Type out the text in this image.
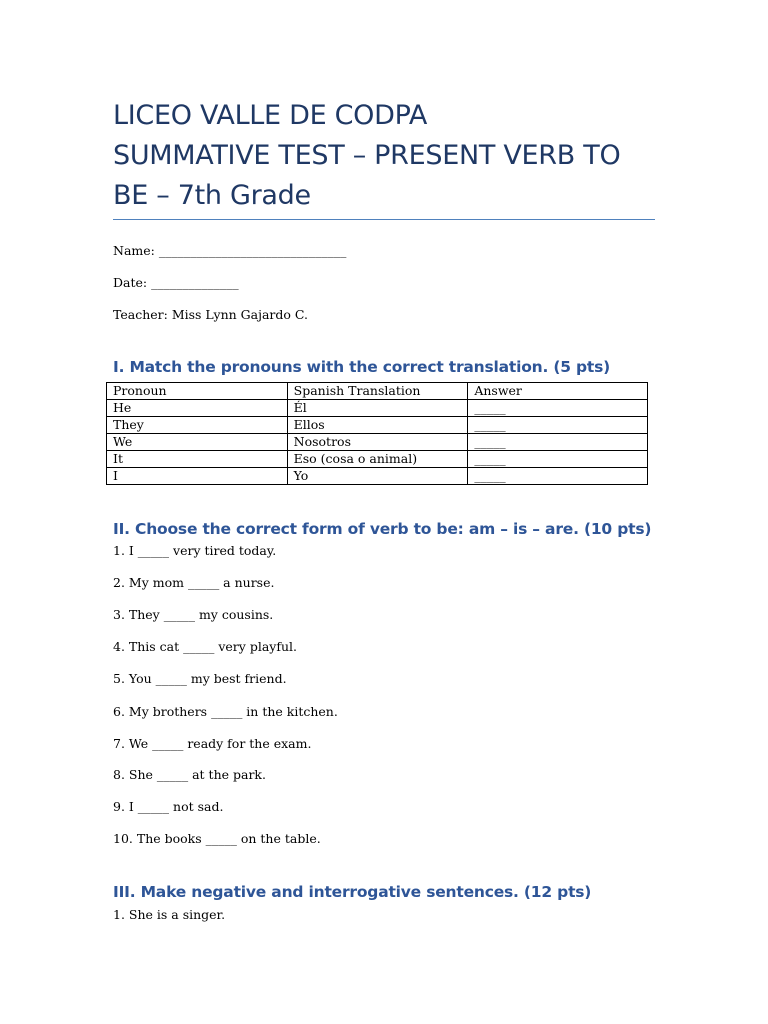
LICEO VALLE DE CODPA
SUMMATIVE TEST – PRESENT VERB TO
BE – 7th Grade
Name: ______________________________
Date: ______________
Teacher: Miss Lynn Gajardo C.
I. Match the pronouns with the correct translation. (5 pts)
Pronoun	Spanish Translation	Answer
He	Él	_____
They	Ellos	_____
We	Nosotros	_____
It	Eso (cosa o animal)	_____
I	Yo	_____
II. Choose the correct form of verb to be: am – is – are. (10 pts)
1. I _____ very tired today.
2. My mom _____ a nurse.
3. They _____ my cousins.
4. This cat _____ very playful.
5. You _____ my best friend.
6. My brothers _____ in the kitchen.
7. We _____ ready for the exam.
8. She _____ at the park.
9. I _____ not sad.
10. The books _____ on the table.
III. Make negative and interrogative sentences. (12 pts)
1. She is a singer.
